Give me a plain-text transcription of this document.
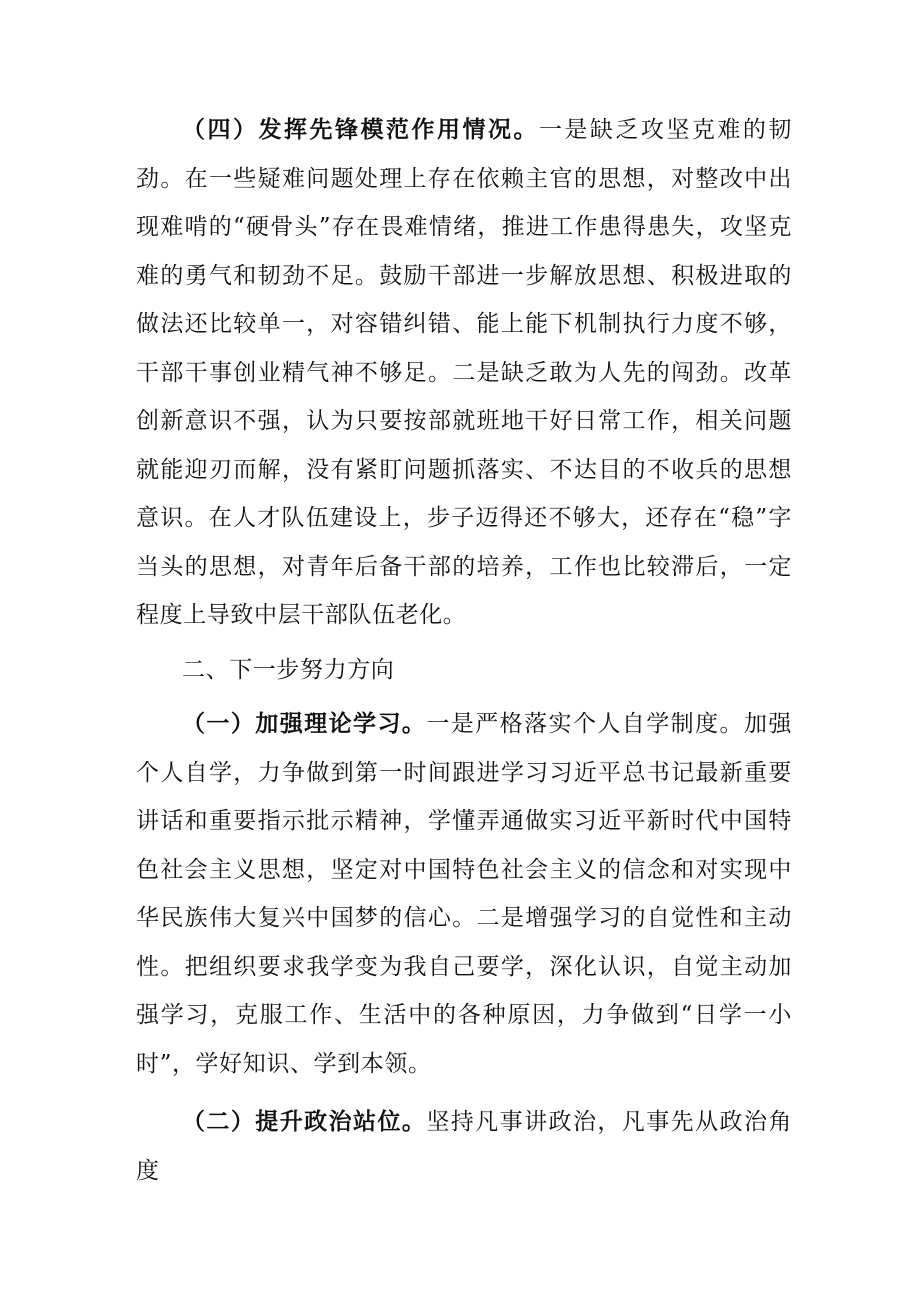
（四）发挥先锋模范作用情况。一是缺乏攻坚克难的韧劲。在一些疑难问题处理上存在依赖主官的思想，对整改中出现难啃的“硬骨头”存在畏难情绪，推进工作患得患失，攻坚克难的勇气和韧劲不足。鼓励干部进一步解放思想、积极进取的做法还比较单一，对容错纠错、能上能下机制执行力度不够，干部干事创业精气神不够足。二是缺乏敢为人先的闯劲。改革创新意识不强，认为只要按部就班地干好日常工作，相关问题就能迎刃而解，没有紧盯问题抓落实、不达目的不收兵的思想意识。在人才队伍建设上，步子迈得还不够大，还存在“稳”字当头的思想，对青年后备干部的培养，工作也比较滞后，一定程度上导致中层干部队伍老化。

二、下一步努力方向

（一）加强理论学习。一是严格落实个人自学制度。加强个人自学，力争做到第一时间跟进学习习近平总书记最新重要讲话和重要指示批示精神，学懂弄通做实习近平新时代中国特色社会主义思想，坚定对中国特色社会主义的信念和对实现中华民族伟大复兴中国梦的信心。二是增强学习的自觉性和主动性。把组织要求我学变为我自己要学，深化认识，自觉主动加强学习，克服工作、生活中的各种原因，力争做到“日学一小时”，学好知识、学到本领。

（二）提升政治站位。坚持凡事讲政治，凡事先从政治角度
